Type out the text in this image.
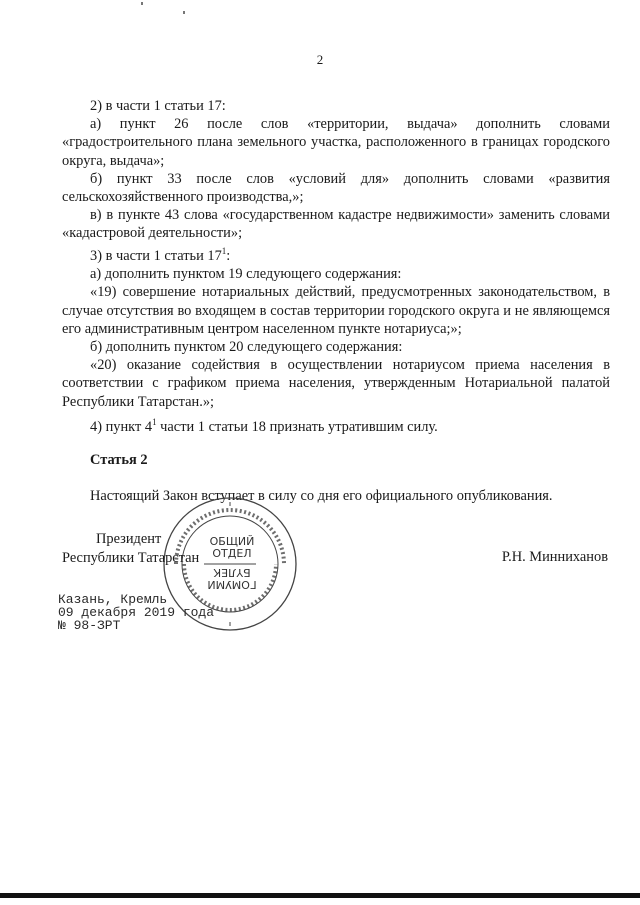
2

2) в части 1 статьи 17:

а) пункт 26 после слов «территории, выдача» дополнить словами «градостроительного плана земельного участка, расположенного в границах городского округа, выдача»;

б) пункт 33 после слов «условий для» дополнить словами «развития сельскохозяйственного производства,»;

в) в пункте 43 слова «государственном кадастре недвижимости» заменить словами «кадастровой деятельности»;

3) в части 1 статьи $17^1$:

а) дополнить пунктом 19 следующего содержания:

«19) совершение нотариальных действий, предусмотренных законодательством, в случае отсутствия во входящем в состав территории городского округа и не являющемся его административным центром населенном пункте нотариуса;»;

б) дополнить пунктом 20 следующего содержания:

«20) оказание содействия в осуществлении нотариусом приема населения в соответствии с графиком приема населения, утвержденным Нотариальной палатой Республики Татарстан.»;

4) пункт $4^1$ части 1 статьи 18 признать утратившим силу.

Статья 2

Настоящий Закон вступает в силу со дня его официального опубликования.

ОБЩИЙ
ОТДЕЛ
БҮЛЕК
ГОМУМИ
Президент
Республики Татарстан	Р.Н. Минниханов
Казань, Кремль
09 декабря 2019 года
№ 98-ЗРТ
